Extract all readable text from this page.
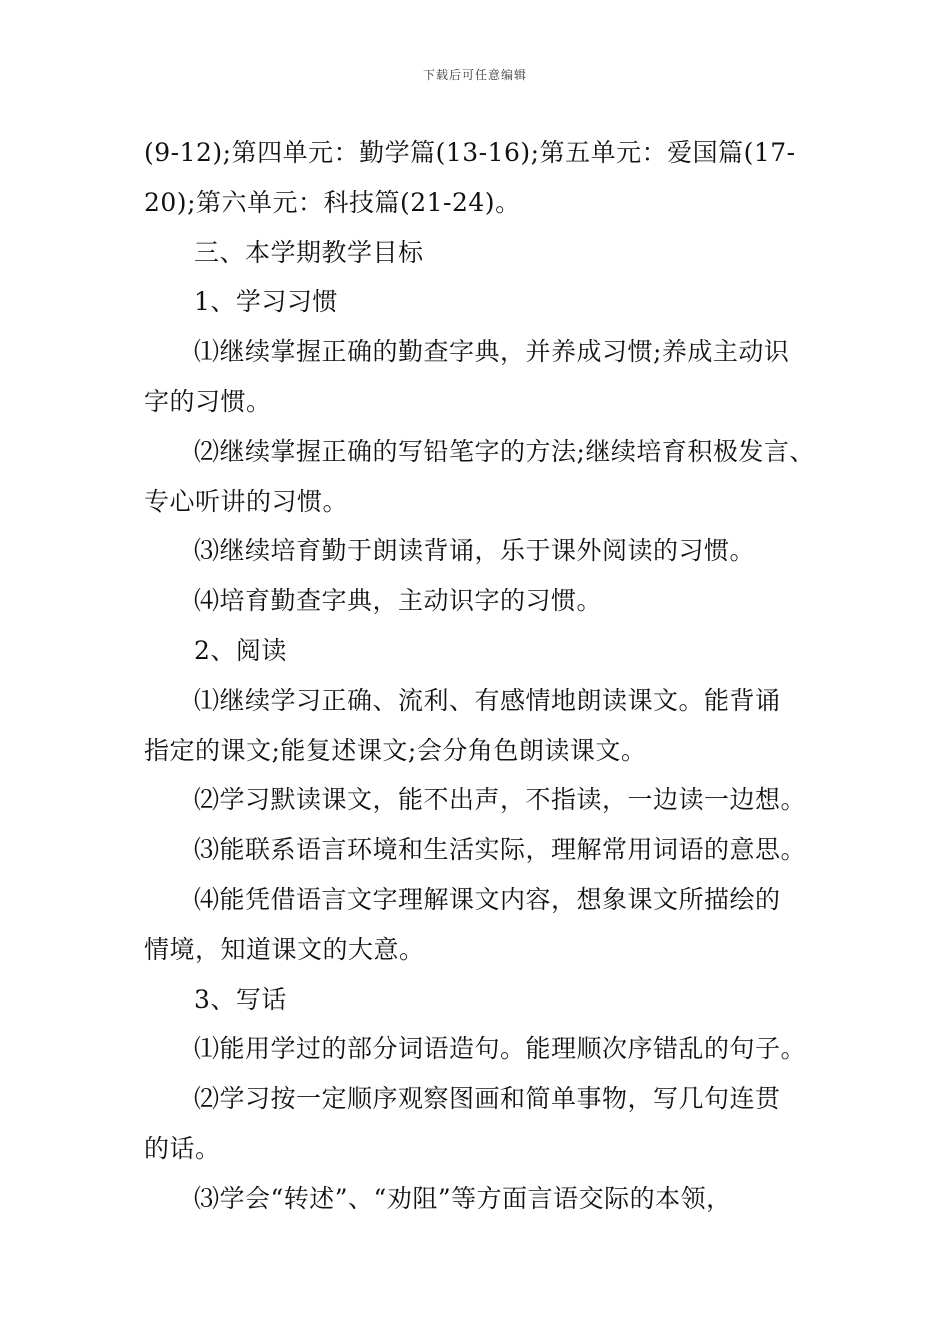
下载后可任意编辑
(9-12);第四单元：勤学篇(13-16);第五单元：爱国篇(17-
20);第六单元：科技篇(21-24)。
三、本学期教学目标
1、学习习惯
⑴继续掌握正确的勤查字典，并养成习惯;养成主动识
字的习惯。
⑵继续掌握正确的写铅笔字的方法;继续培育积极发言、
专心听讲的习惯。
⑶继续培育勤于朗读背诵，乐于课外阅读的习惯。
⑷培育勤查字典，主动识字的习惯。
2、阅读
⑴继续学习正确、流利、有感情地朗读课文。能背诵
指定的课文;能复述课文;会分角色朗读课文。
⑵学习默读课文，能不出声，不指读，一边读一边想。
⑶能联系语言环境和生活实际，理解常用词语的意思。
⑷能凭借语言文字理解课文内容，想象课文所描绘的
情境，知道课文的大意。
3、写话
⑴能用学过的部分词语造句。能理顺次序错乱的句子。
⑵学习按一定顺序观察图画和简单事物，写几句连贯
的话。
⑶学会“转述”、“劝阻”等方面言语交际的本领，
